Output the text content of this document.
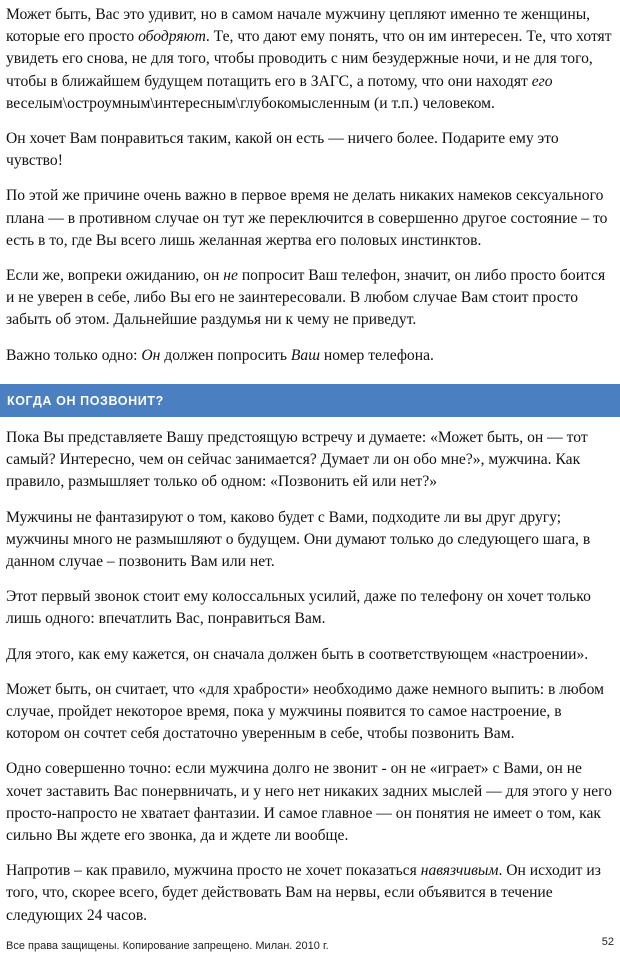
Может быть, Вас это удивит, но в самом начале мужчину цепляют именно те женщины, которые его просто ободряют. Те, что дают ему понять, что он им интересен. Те, что хотят увидеть его снова, не для того, чтобы проводить с ним безудержные ночи, и не для того, чтобы в ближайшем будущем потащить его в ЗАГС, а потому, что они находят его веселым\остроумным\интересным\глубокомысленным (и т.п.) человеком.

Он хочет Вам понравиться таким, какой он есть — ничего более. Подарите ему это чувство!

По этой же причине очень важно в первое время не делать никаких намеков сексуального плана — в противном случае он тут же переключится в совершенно другое состояние – то есть в то, где Вы всего лишь желанная жертва его половых инстинктов.

Если же, вопреки ожиданию, он не попросит Ваш телефон, значит, он либо просто боится и не уверен в себе, либо Вы его не заинтересовали. В любом случае Вам стоит просто забыть об этом. Дальнейшие раздумья ни к чему не приведут.

Важно только одно: Он должен попросить Ваш номер телефона.

КОГДА ОН ПОЗВОНИТ?

Пока Вы представляете Вашу предстоящую встречу и думаете: «Может быть, он — тот самый? Интересно, чем он сейчас занимается? Думает ли он обо мне?», мужчина. Как правило, размышляет только об одном: «Позвонить ей или нет?»

Мужчины не фантазируют о том, каково будет с Вами, подходите ли вы друг другу; мужчины много не размышляют о будущем. Они думают только до следующего шага, в данном случае – позвонить Вам или нет.

Этот первый звонок стоит ему колоссальных усилий, даже по телефону он хочет только лишь одного: впечатлить Вас, понравиться Вам.

Для этого, как ему кажется, он сначала должен быть в соответствующем «настроении».

Может быть, он считает, что «для храбрости» необходимо даже немного выпить: в любом случае, пройдет некоторое время, пока у мужчины появится то самое настроение, в котором он сочтет себя достаточно уверенным в себе, чтобы позвонить Вам.

Одно совершенно точно: если мужчина долго не звонит - он не «играет» с Вами, он не хочет заставить Вас понервничать, и у него нет никаких задних мыслей — для этого у него просто-напросто не хватает фантазии. И самое главное — он понятия не имеет о том, как сильно Вы ждете его звонка, да и ждете ли вообще.

Напротив – как правило, мужчина просто не хочет показаться навязчивым. Он исходит из того, что, скорее всего, будет действовать Вам на нервы, если объявится в течение следующих 24 часов.

Все права защищены. Копирование запрещено. Милан. 2010 г.	52
